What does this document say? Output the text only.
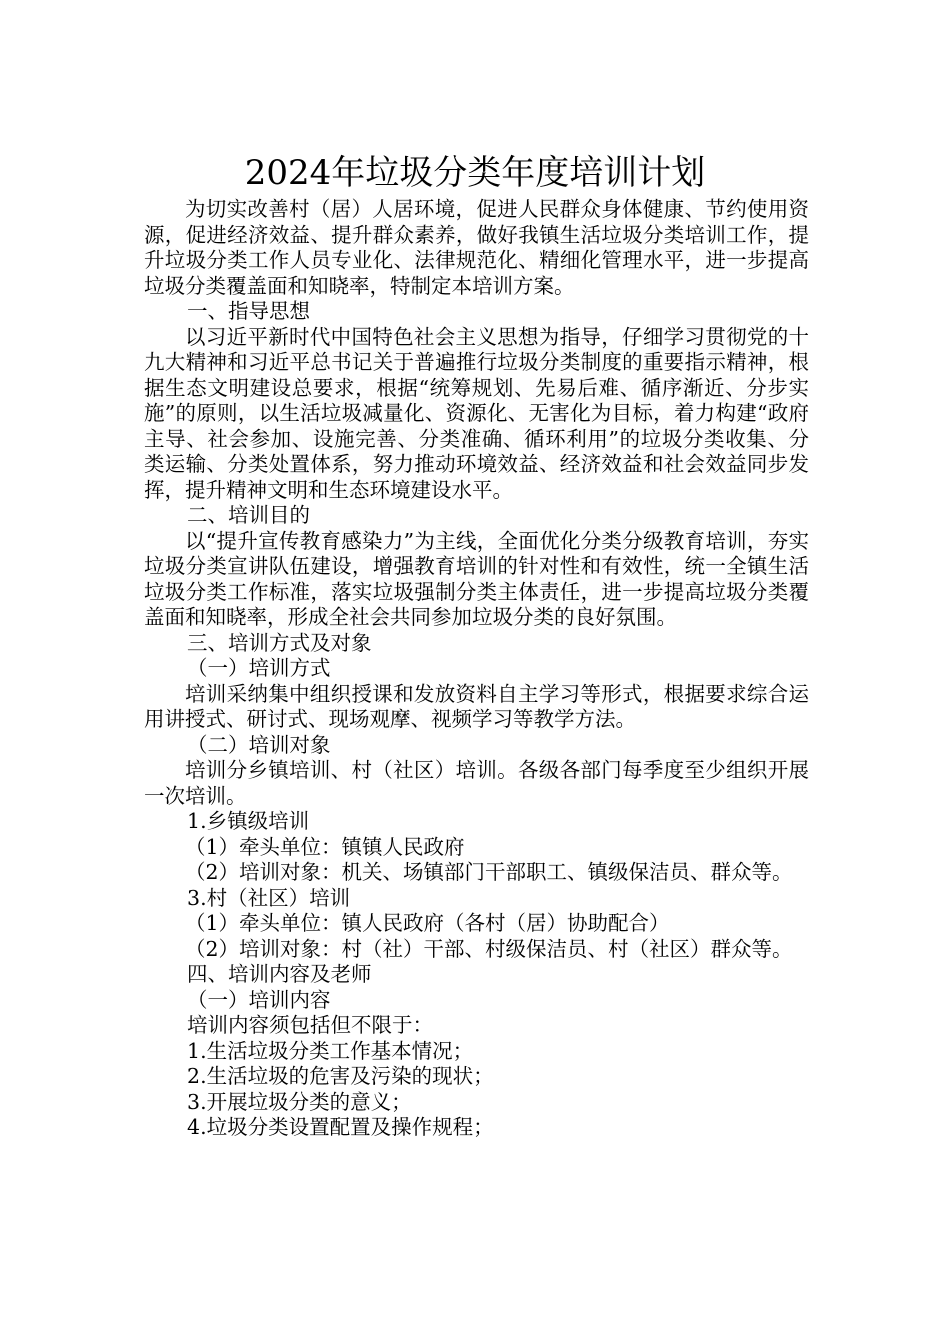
2024年垃圾分类年度培训计划

为切实改善村（居）人居环境，促进人民群众身体健康、节约使用资源，促进经济效益、提升群众素养，做好我镇生活垃圾分类培训工作，提升垃圾分类工作人员专业化、法律规范化、精细化管理水平，进一步提高垃圾分类覆盖面和知晓率，特制定本培训方案。

一、指导思想

以习近平新时代中国特色社会主义思想为指导，仔细学习贯彻党的十九大精神和习近平总书记关于普遍推行垃圾分类制度的重要指示精神，根据生态文明建设总要求，根据“统筹规划、先易后难、循序渐近、分步实施”的原则，以生活垃圾减量化、资源化、无害化为目标，着力构建“政府主导、社会参加、设施完善、分类准确、循环利用”的垃圾分类收集、分类运输、分类处置体系，努力推动环境效益、经济效益和社会效益同步发挥，提升精神文明和生态环境建设水平。

二、培训目的

以“提升宣传教育感染力”为主线，全面优化分类分级教育培训，夯实垃圾分类宣讲队伍建设，增强教育培训的针对性和有效性，统一全镇生活垃圾分类工作标准，落实垃圾强制分类主体责任，进一步提高垃圾分类覆盖面和知晓率，形成全社会共同参加垃圾分类的良好氛围。

三、培训方式及对象

（一）培训方式

培训采纳集中组织授课和发放资料自主学习等形式，根据要求综合运用讲授式、研讨式、现场观摩、视频学习等教学方法。

（二）培训对象

培训分乡镇培训、村（社区）培训。各级各部门每季度至少组织开展一次培训。

1.乡镇级培训

（1）牵头单位：镇镇人民政府

（2）培训对象：机关、场镇部门干部职工、镇级保洁员、群众等。

3.村（社区）培训

（1）牵头单位：镇人民政府（各村（居）协助配合）

（2）培训对象：村（社）干部、村级保洁员、村（社区）群众等。

四、培训内容及老师

（一）培训内容

培训内容须包括但不限于：

1.生活垃圾分类工作基本情况；

2.生活垃圾的危害及污染的现状；

3.开展垃圾分类的意义；

4.垃圾分类设置配置及操作规程；
